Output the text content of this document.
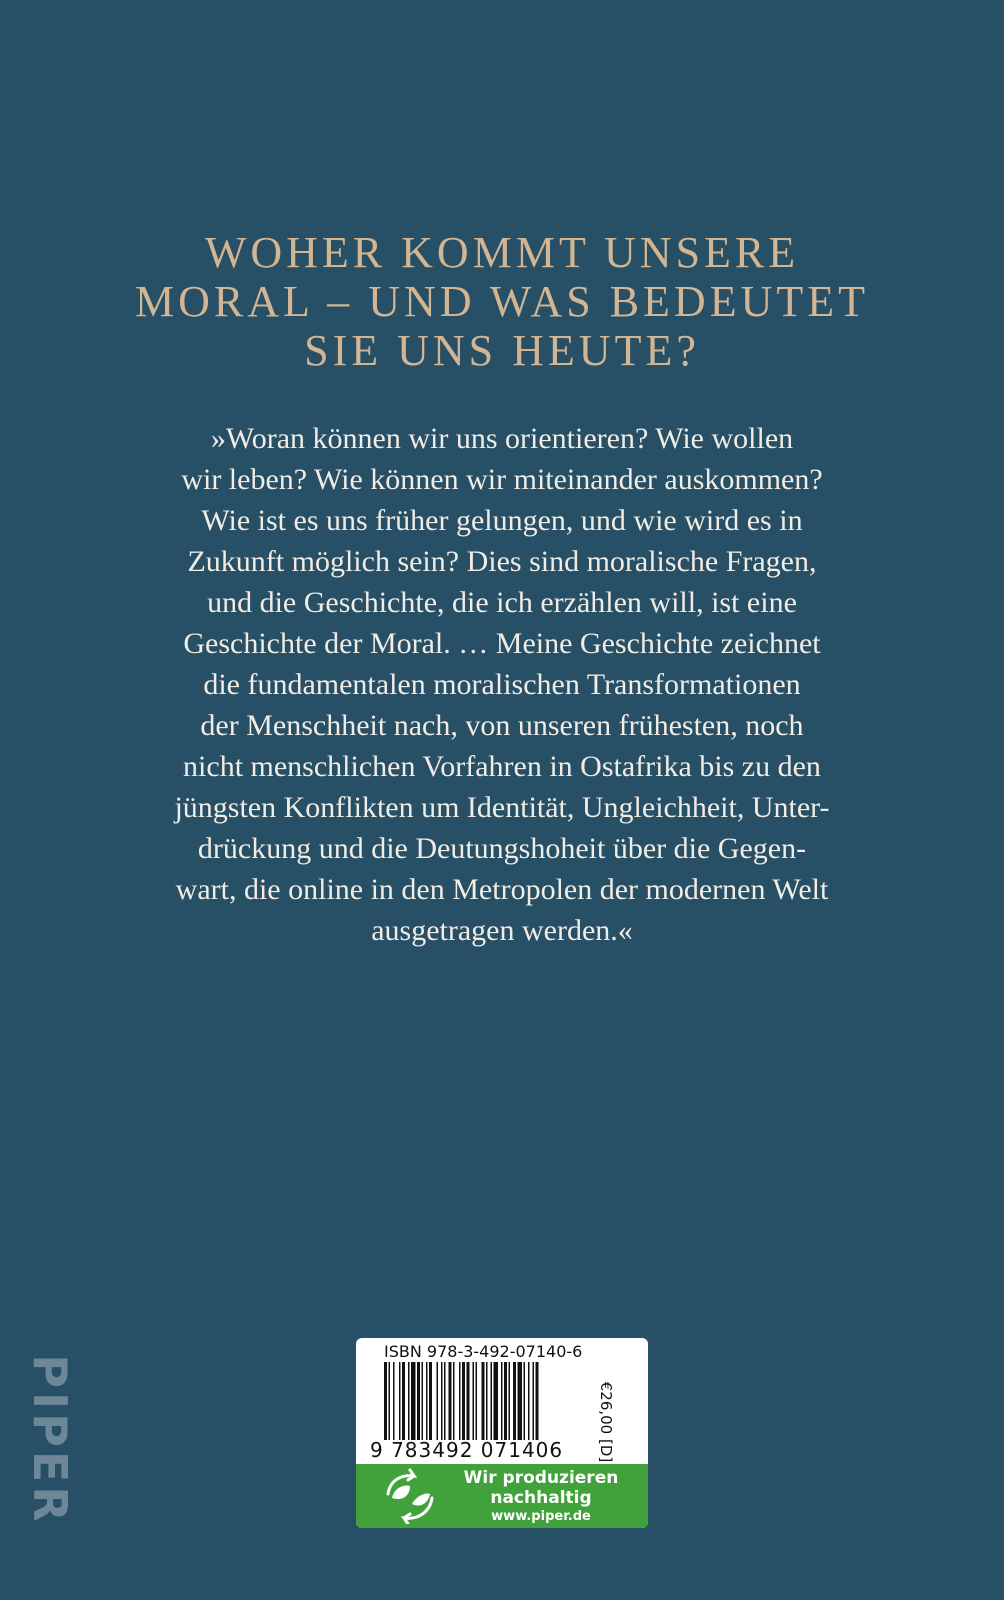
WOHER KOMMT UNSERE
MORAL – UND WAS BEDEUTET
SIE UNS HEUTE?
»Woran können wir uns orientieren? Wie wollen
wir leben? Wie können wir miteinander auskommen?
Wie ist es uns früher gelungen, und wie wird es in
Zukunft möglich sein? Dies sind moralische Fragen,
und die Geschichte, die ich erzählen will, ist eine
Geschichte der Moral. … Meine Geschichte zeichnet
die fundamentalen moralischen Transformationen
der Menschheit nach, von unseren frühesten, noch
nicht menschlichen Vorfahren in Ostafrika bis zu den
jüngsten Konflikten um Identität, Ungleichheit, Unter-
drückung und die Deutungshoheit über die Gegen-
wart, die online in den Metropolen der modernen Welt
ausgetragen werden.«
PIPER
ISBN 978-3-492-07140-6
9 783492 071406 €26,00 [D]
Wir produzieren
nachhaltig
www.piper.de
